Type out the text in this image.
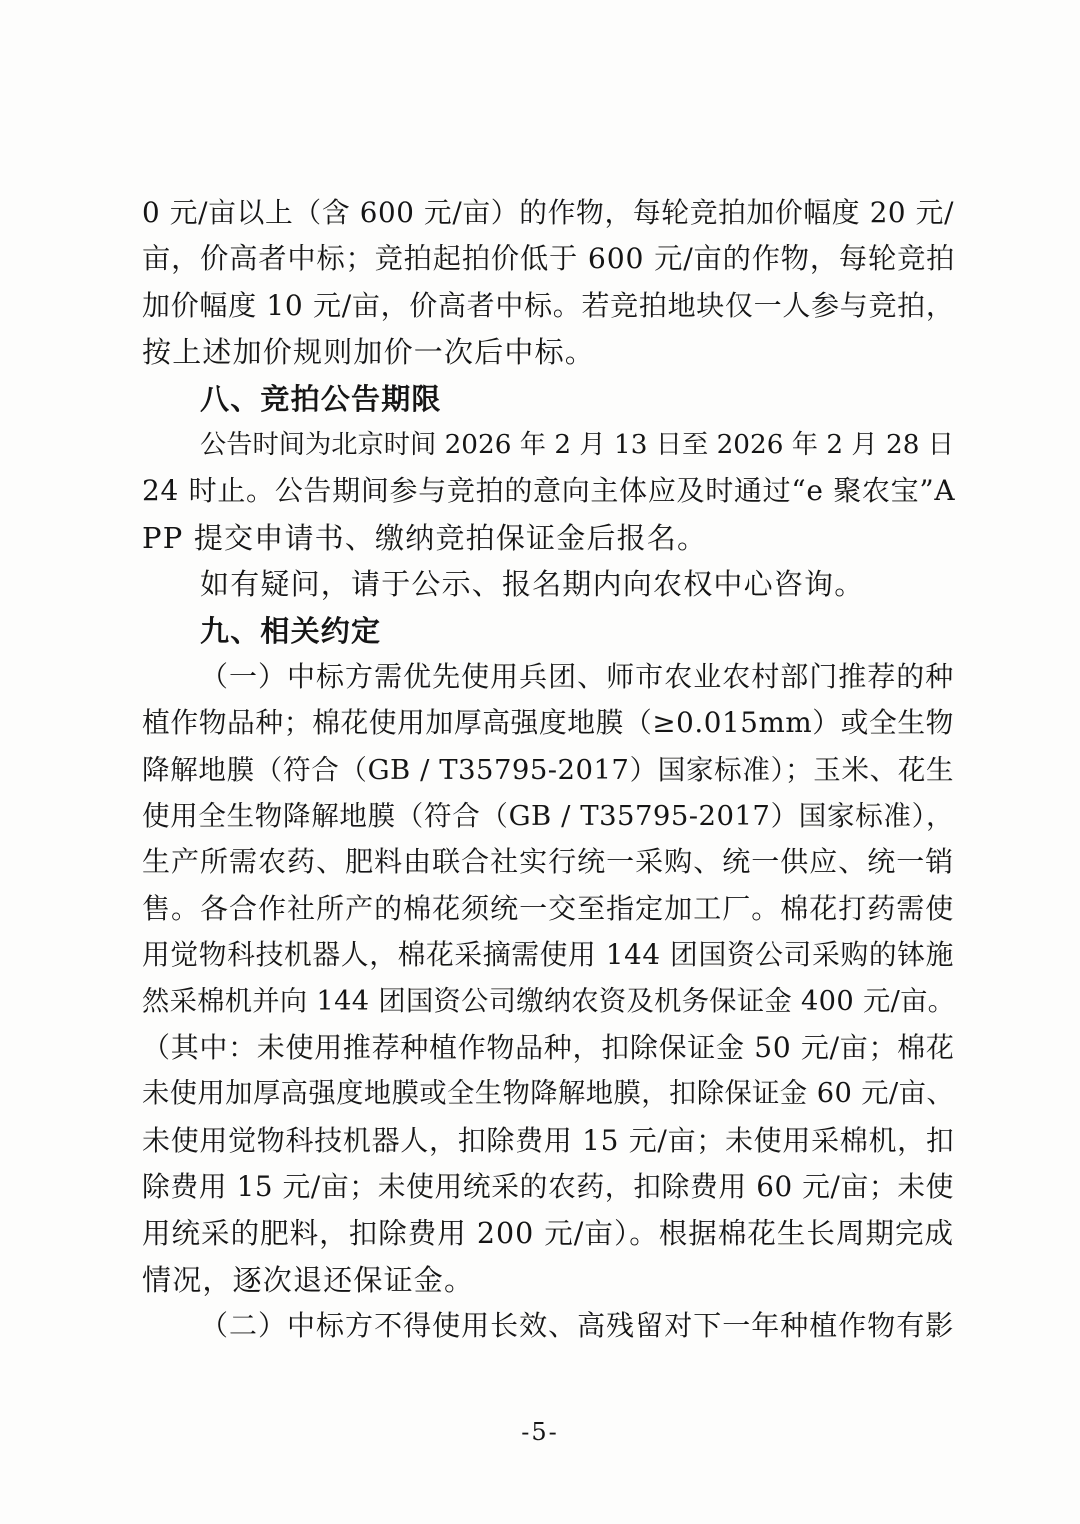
0 元/亩以上（含 600 元/亩）的作物，每轮竞拍加价幅度 20 元/
亩，价高者中标；竞拍起拍价低于 600 元/亩的作物，每轮竞拍
加价幅度 10 元/亩，价高者中标。若竞拍地块仅一人参与竞拍，
按上述加价规则加价一次后中标。
八、竞拍公告期限
公告时间为北京时间 2026 年 2 月 13 日至 2026 年 2 月 28 日
24 时止。公告期间参与竞拍的意向主体应及时通过“e 聚农宝”A
PP 提交申请书、缴纳竞拍保证金后报名。
如有疑问，请于公示、报名期内向农权中心咨询。
九、相关约定
（一）中标方需优先使用兵团、师市农业农村部门推荐的种
植作物品种；棉花使用加厚高强度地膜（≥0.015mm）或全生物
降解地膜（符合（GB / T35795-2017）国家标准）；玉米、花生
使用全生物降解地膜（符合（GB / T35795-2017）国家标准），
生产所需农药、肥料由联合社实行统一采购、统一供应、统一销
售。各合作社所产的棉花须统一交至指定加工厂。棉花打药需使
用觉物科技机器人，棉花采摘需使用 144 团国资公司采购的钵施
然采棉机并向 144 团国资公司缴纳农资及机务保证金 400 元/亩。
（其中：未使用推荐种植作物品种，扣除保证金 50 元/亩；棉花
未使用加厚高强度地膜或全生物降解地膜，扣除保证金 60 元/亩、
未使用觉物科技机器人，扣除费用 15 元/亩；未使用采棉机，扣
除费用 15 元/亩；未使用统采的农药，扣除费用 60 元/亩；未使
用统采的肥料，扣除费用 200 元/亩）。根据棉花生长周期完成
情况，逐次退还保证金。
（二）中标方不得使用长效、高残留对下一年种植作物有影
-5-
